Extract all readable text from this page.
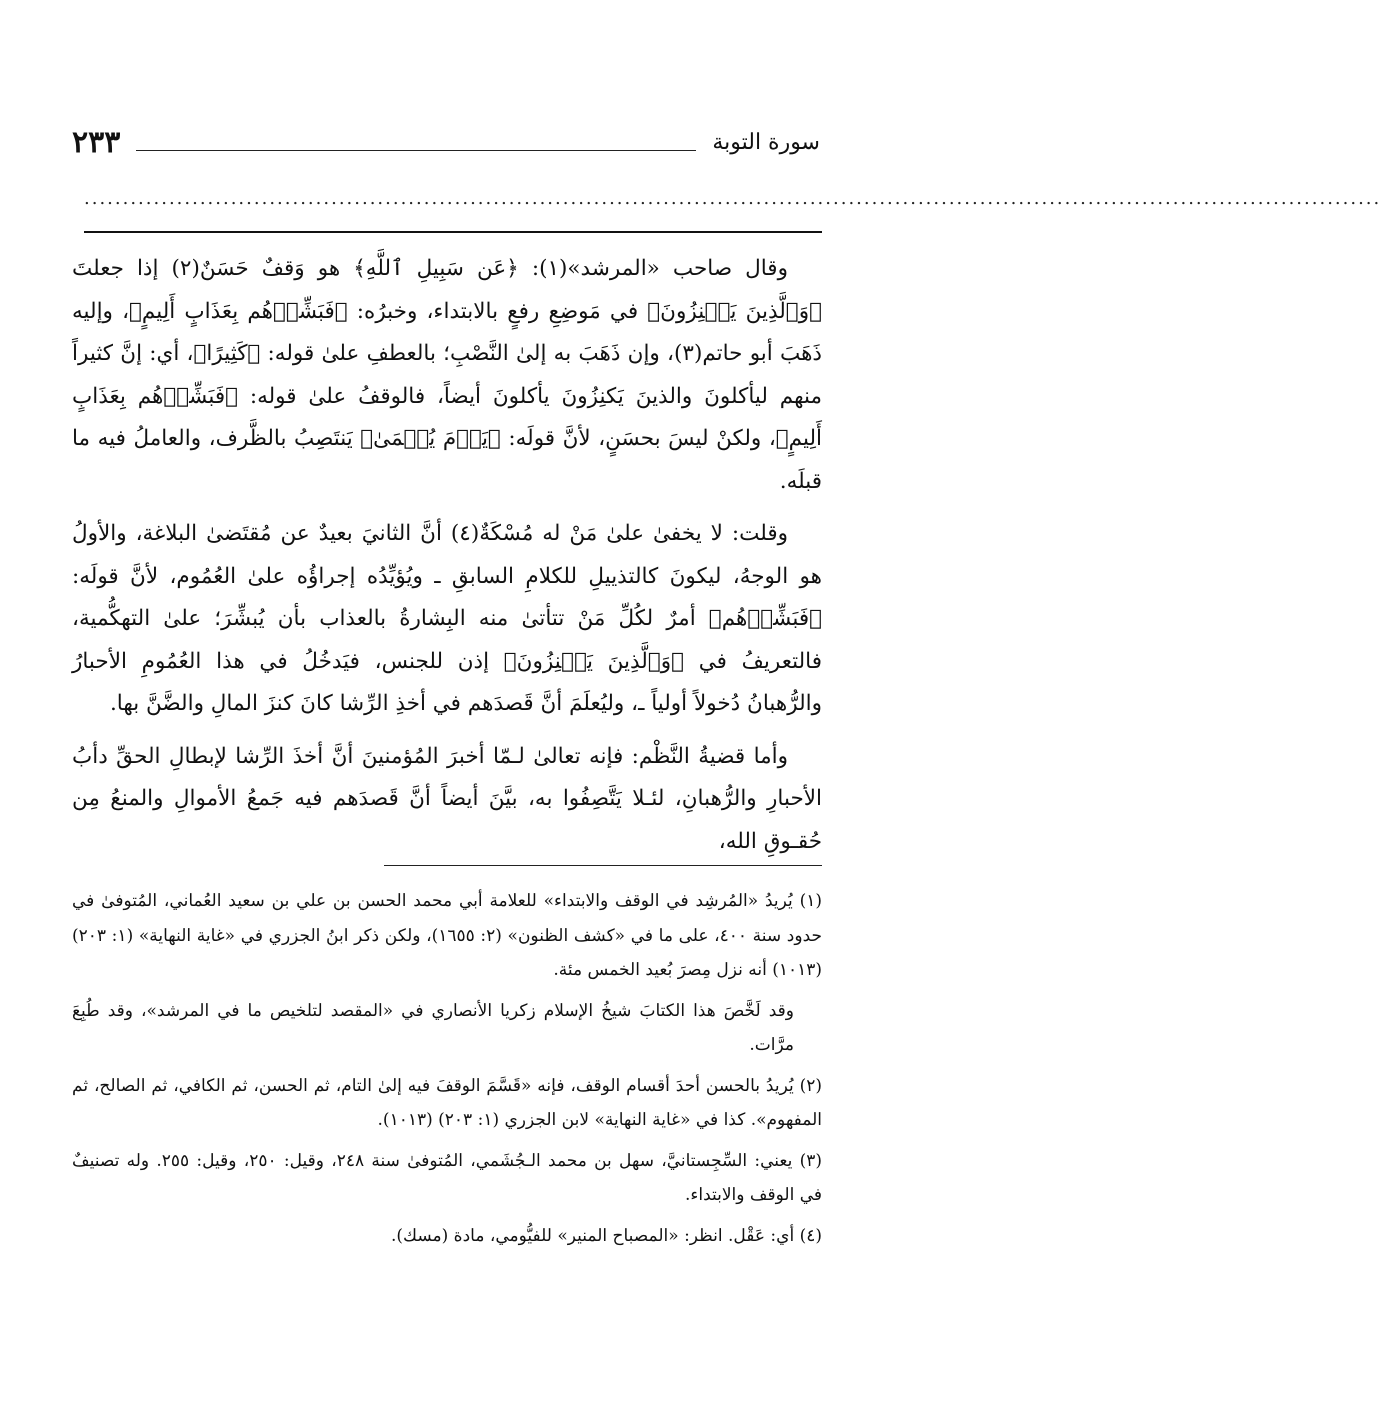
سورة التوبة
٢٣٣
........................................................................................................................................................................

وقال صاحب «المرشد»(١): ﴿عَن سَبِيلِ ٱللَّهِ﴾ هو وَقفٌ حَسَنٌ(٢) إذا جعلتَ ﴿وَٱلَّذِينَ يَكۡنِزُونَ﴾ في مَوضِعِ رفعٍ بالابتداء، وخبرُه: ﴿فَبَشِّرۡهُم بِعَذَابٍ أَلِيمٍ﴾، وإليه ذَهَبَ أبو حاتم(٣)، وإن ذَهَبَ به إلىٰ النَّصْبِ؛ بالعطفِ علىٰ قوله: ﴿كَثِيرًا﴾، أي: إنَّ كثيراً منهم ليأكلونَ والذينَ يَكنِزُونَ يأكلونَ أيضاً، فالوقفُ علىٰ قوله: ﴿فَبَشِّرۡهُم بِعَذَابٍ أَلِيمٍ﴾، ولكنْ ليسَ بحسَنٍ، لأنَّ قولَه: ﴿يَوۡمَ يُحۡمَىٰ﴾ يَنتَصِبُ بالظَّرف، والعاملُ فيه ما قبلَه.

وقلت: لا يخفىٰ علىٰ مَنْ له مُسْكَةٌ(٤) أنَّ الثانيَ بعيدٌ عن مُقتَضىٰ البلاغة، والأولُ هو الوجهُ، ليكونَ كالتذييلِ للكلامِ السابقِ ـ ويُؤيِّدُه إجراؤُه علىٰ العُمُوم، لأنَّ قولَه: ﴿فَبَشِّرۡهُم﴾ أمرٌ لكُلِّ مَنْ تتأتىٰ منه البِشارةُ بالعذاب بأن يُبشِّرَ؛ علىٰ التهكُّمية، فالتعريفُ في ﴿وَٱلَّذِينَ يَكۡنِزُونَ﴾ إذن للجنس، فيَدخُلُ في هذا العُمُومِ الأحبارُ والرُّهبانُ دُخولاً أولياً ـ، وليُعلَمَ أنَّ قَصدَهم في أخذِ الرِّشا كانَ كنزَ المالِ والضَّنَّ بها.

وأما قضيةُ النَّظْم: فإنه تعالىٰ لـمّا أخبرَ المُؤمنينَ أنَّ أخذَ الرِّشا لإبطالِ الحقِّ دأبُ الأحبارِ والرُّهبانِ، لئـلا يَتَّصِفُوا به، بيَّنَ أيضاً أنَّ قَصدَهم فيه جَمعُ الأموالِ والمنعُ مِن حُقـوقِ الله،

(١) يُريدُ «المُرشِد في الوقف والابتداء» للعلامة أبي محمد الحسن بن علي بن سعيد العُماني، المُتوفىٰ في حدود سنة ٤٠٠، على ما في «كشف الظنون» (٢: ١٦٥٥)، ولكن ذكر ابنُ الجزري في «غاية النهاية» (١: ٢٠٣) (١٠١٣) أنه نزل مِصرَ بُعيد الخمس مئة.

وقد لَخَّصَ هذا الكتابَ شيخُ الإسلام زكريا الأنصاري في «المقصد لتلخيص ما في المرشد»، وقد طُبِعَ مرَّات.

(٢) يُريدُ بالحسن أحدَ أقسام الوقف، فإنه «قَسَّمَ الوقفَ فيه إلىٰ التام، ثم الحسن، ثم الكافي، ثم الصالح، ثم المفهوم». كذا في «غاية النهاية» لابن الجزري (١: ٢٠٣) (١٠١٣).

(٣) يعني: السِّجِستانيَّ، سهل بن محمد الـجُشَمي، المُتوفىٰ سنة ٢٤٨، وقيل: ٢٥٠، وقيل: ٢٥٥. وله تصنيفٌ في الوقف والابتداء.

(٤) أي: عَقْل. انظر: «المصباح المنير» للفيُّومي، مادة (مسك).
